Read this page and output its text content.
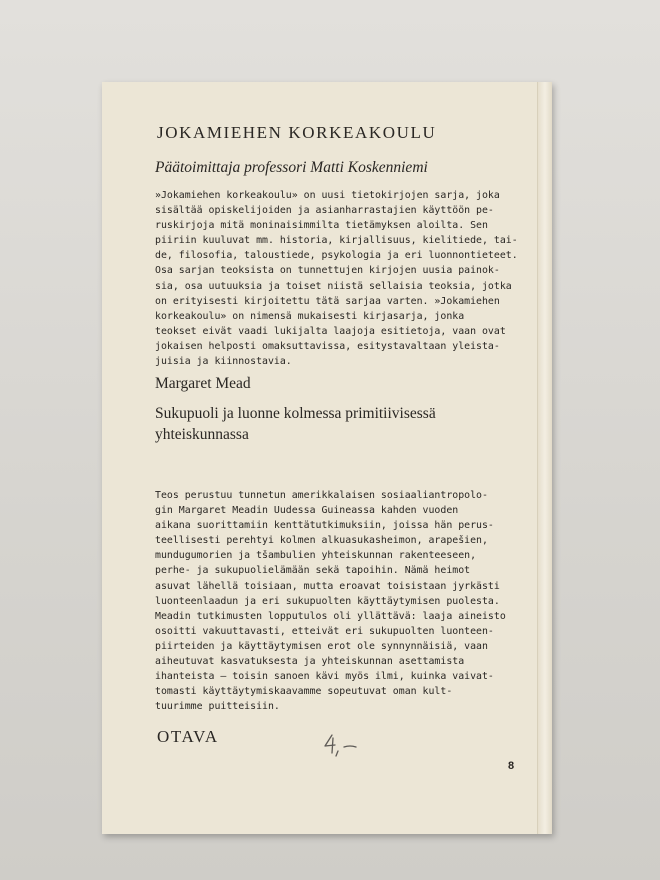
JOKAMIEHEN KORKEAKOULU
Päätoimittaja professori Matti Koskenniemi
»Jokamiehen korkeakoulu» on uusi tietokirjojen sarja, joka
sisältää opiskelijoiden ja asianharrastajien käyttöön pe-
ruskirjoja mitä moninaisimmilta tietämyksen aloilta. Sen
piiriin kuuluvat mm. historia, kirjallisuus, kielitiede, tai-
de, filosofia, taloustiede, psykologia ja eri luonnontieteet.
Osa sarjan teoksista on tunnettujen kirjojen uusia painok-
sia, osa uutuuksia ja toiset niistä sellaisia teoksia, jotka
on erityisesti kirjoitettu tätä sarjaa varten. »Jokamiehen
korkeakoulu» on nimensä mukaisesti kirjasarja, jonka
teokset eivät vaadi lukijalta laajoja esitietoja, vaan ovat
jokaisen helposti omaksuttavissa, esitystavaltaan yleista-
juisia ja kiinnostavia.
Margaret Mead
Sukupuoli ja luonne kolmessa primitiivisessä
yhteiskunnassa
Teos perustuu tunnetun amerikkalaisen sosiaaliantropolo-
gin Margaret Meadin Uudessa Guineassa kahden vuoden
aikana suorittamiin kenttätutkimuksiin, joissa hän perus-
teellisesti perehtyi kolmen alkuasukasheimon, arapešien,
mundugumorien ja tšambulien yhteiskunnan rakenteeseen,
perhe- ja sukupuolielämään sekä tapoihin. Nämä heimot
asuvat lähellä toisiaan, mutta eroavat toisistaan jyrkästi
luonteenlaadun ja eri sukupuolten käyttäytymisen puolesta.
Meadin tutkimusten lopputulos oli yllättävä: laaja aineisto
osoitti vakuuttavasti, etteivät eri sukupuolten luonteen-
piirteiden ja käyttäytymisen erot ole synnynnäisiä, vaan
aiheutuvat kasvatuksesta ja yhteiskunnan asettamista
ihanteista — toisin sanoen kävi myös ilmi, kuinka vaivat-
tomasti käyttäytymiskaavamme sopeutuvat oman kult-
tuurimme puitteisiin.
OTAVA
8
